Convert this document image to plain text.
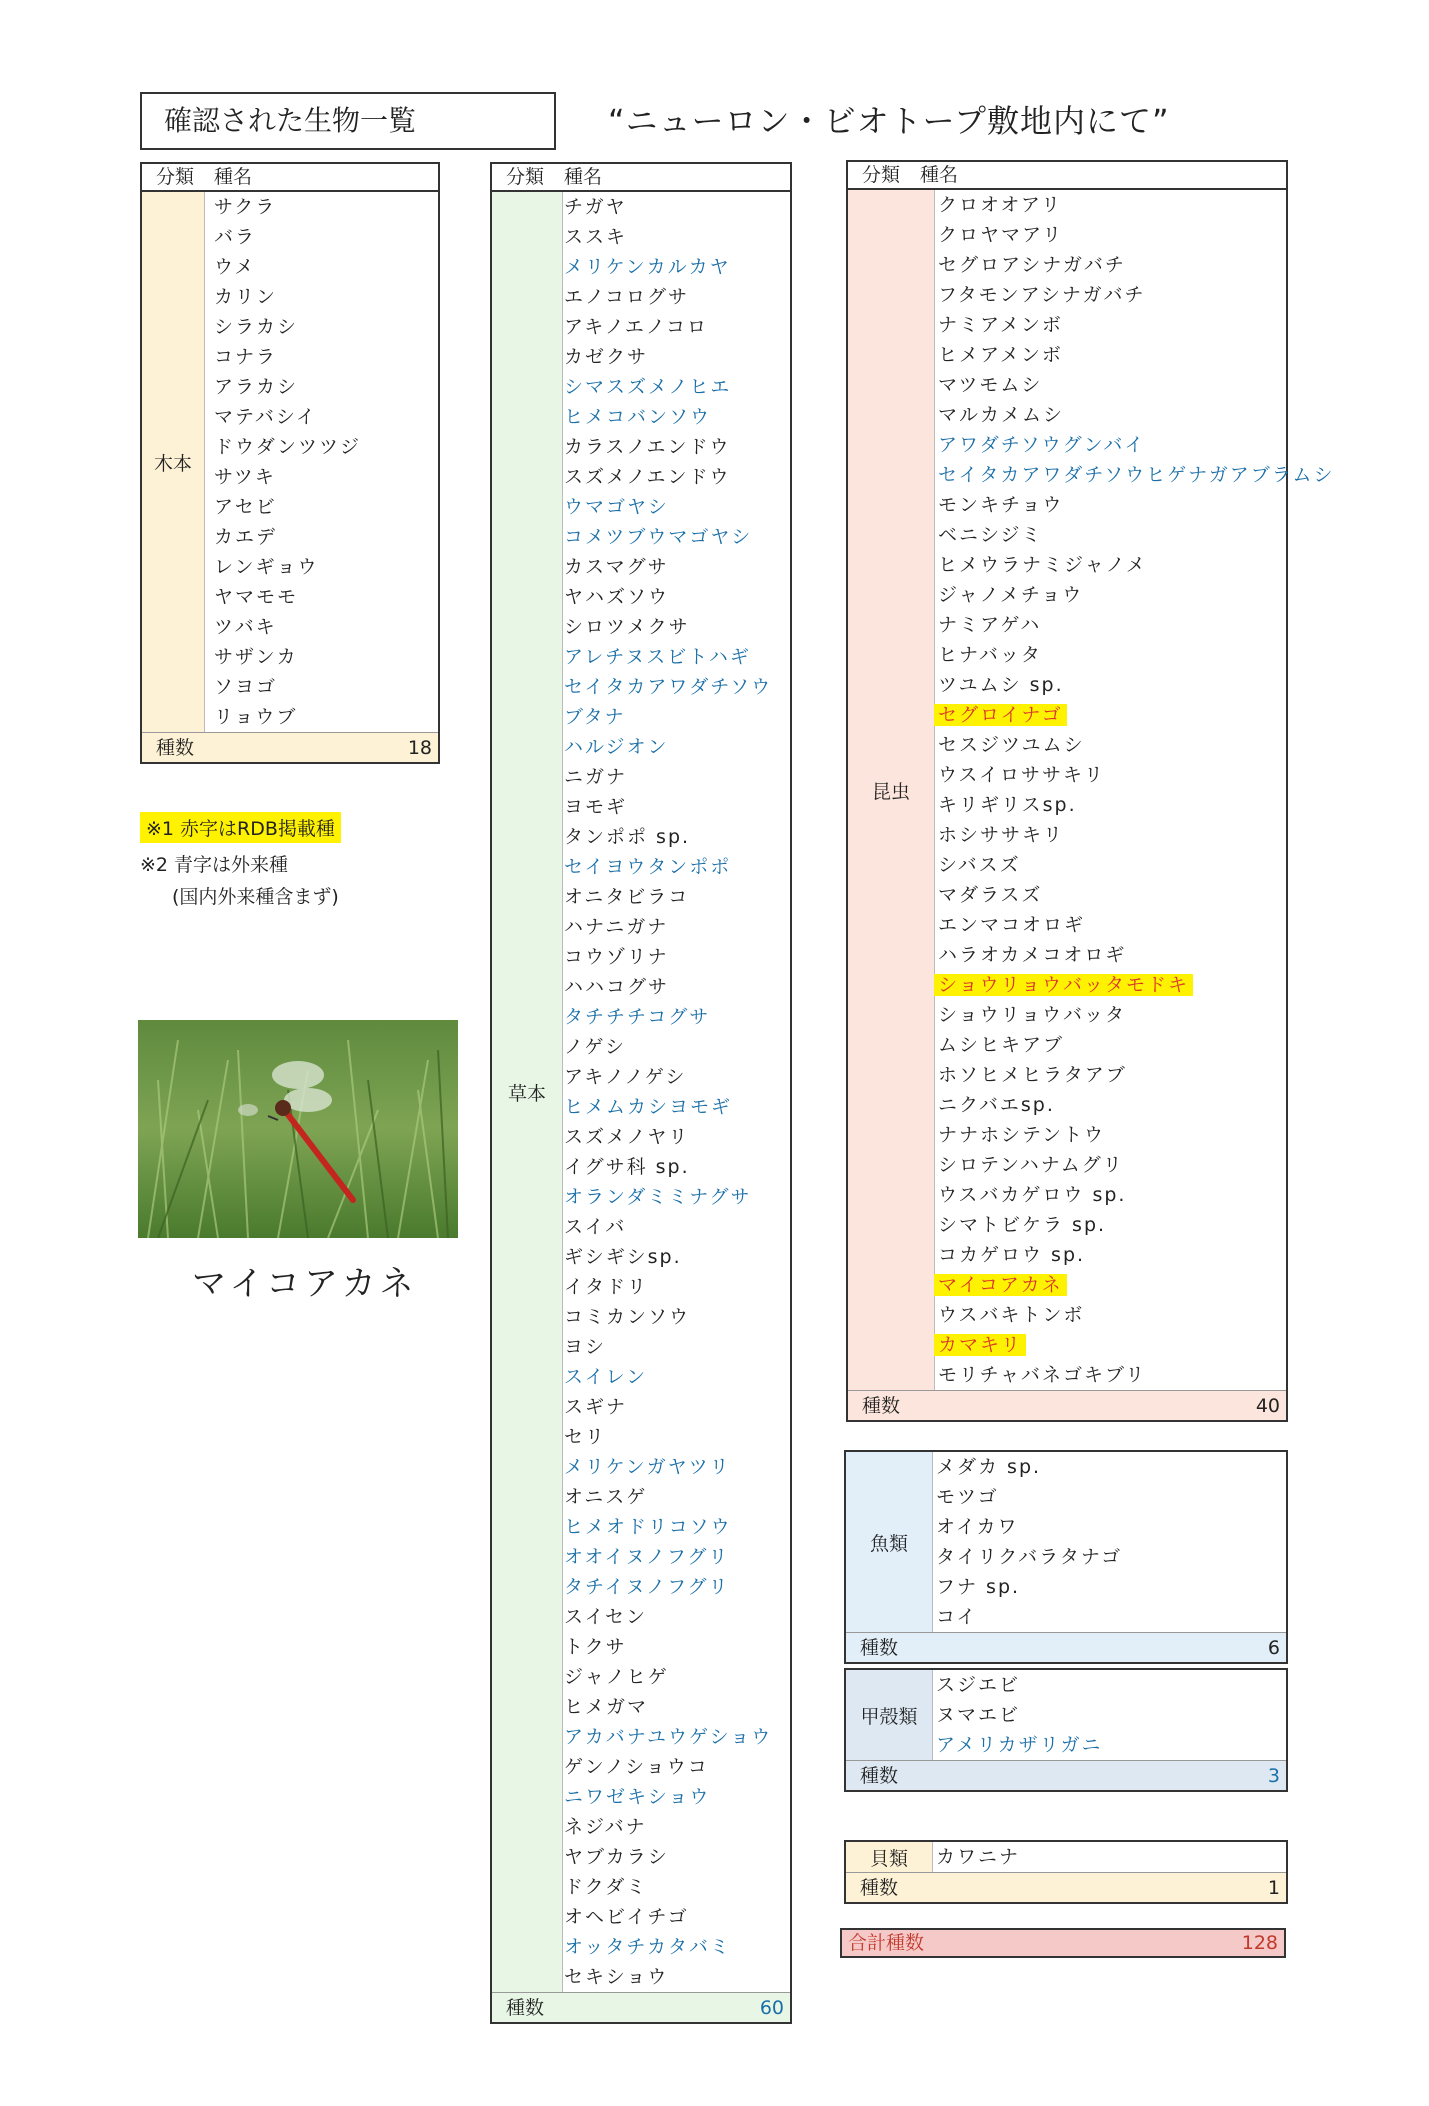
確認された生物一覧	“ニューロン・ビオトープ敷地内にて”
分類 種名
木本
サクラ
バラ
ウメ
カリン
シラカシ
コナラ
アラカシ
マテバシイ
ドウダンツツジ
サツキ
アセビ
カエデ
レンギョウ
ヤマモモ
ツバキ
サザンカ
ソヨゴ
リョウブ
種数	18
分類 種名
草本
チガヤ
ススキ
メリケンカルカヤ
エノコログサ
アキノエノコロ
カゼクサ
シマスズメノヒエ
ヒメコバンソウ
カラスノエンドウ
スズメノエンドウ
ウマゴヤシ
コメツブウマゴヤシ
カスマグサ
ヤハズソウ
シロツメクサ
アレチヌスビトハギ
セイタカアワダチソウ
ブタナ
ハルジオン
ニガナ
ヨモギ
タンポポ sp.
セイヨウタンポポ
オニタビラコ
ハナニガナ
コウゾリナ
ハハコグサ
タチチチコグサ
ノゲシ
アキノノゲシ
ヒメムカシヨモギ
スズメノヤリ
イグサ科 sp.
オランダミミナグサ
スイバ
ギシギシsp.
イタドリ
コミカンソウ
ヨシ
スイレン
スギナ
セリ
メリケンガヤツリ
オニスゲ
ヒメオドリコソウ
オオイヌノフグリ
タチイヌノフグリ
スイセン
トクサ
ジャノヒゲ
ヒメガマ
アカバナユウゲショウ
ゲンノショウコ
ニワゼキショウ
ネジバナ
ヤブカラシ
ドクダミ
オヘビイチゴ
オッタチカタバミ
セキショウ
種数	60
分類 種名
昆虫
クロオオアリ
クロヤマアリ
セグロアシナガバチ
フタモンアシナガバチ
ナミアメンボ
ヒメアメンボ
マツモムシ
マルカメムシ
アワダチソウグンバイ
セイタカアワダチソウヒゲナガアブラムシ
モンキチョウ
ベニシジミ
ヒメウラナミジャノメ
ジャノメチョウ
ナミアゲハ
ヒナバッタ
ツユムシ sp.
セグロイナゴ
セスジツユムシ
ウスイロササキリ
キリギリスsp.
ホシササキリ
シバスズ
マダラスズ
エンマコオロギ
ハラオカメコオロギ
ショウリョウバッタモドキ
ショウリョウバッタ
ムシヒキアブ
ホソヒメヒラタアブ
ニクバエsp.
ナナホシテントウ
シロテンハナムグリ
ウスバカゲロウ sp.
シマトビケラ sp.
コカゲロウ sp.
マイコアカネ
ウスバキトンボ
カマキリ
モリチャバネゴキブリ
種数	40
魚類
メダカ sp.
モツゴ
オイカワ
タイリクバラタナゴ
フナ sp.
コイ
種数	6
甲殻類
スジエビ
ヌマエビ
アメリカザリガニ
種数	3
貝類	カワニナ
種数	1
※1 赤字はRDB掲載種
※2 青字は外来種
(国内外来種含まず)
マイコアカネ
合計種数	128
